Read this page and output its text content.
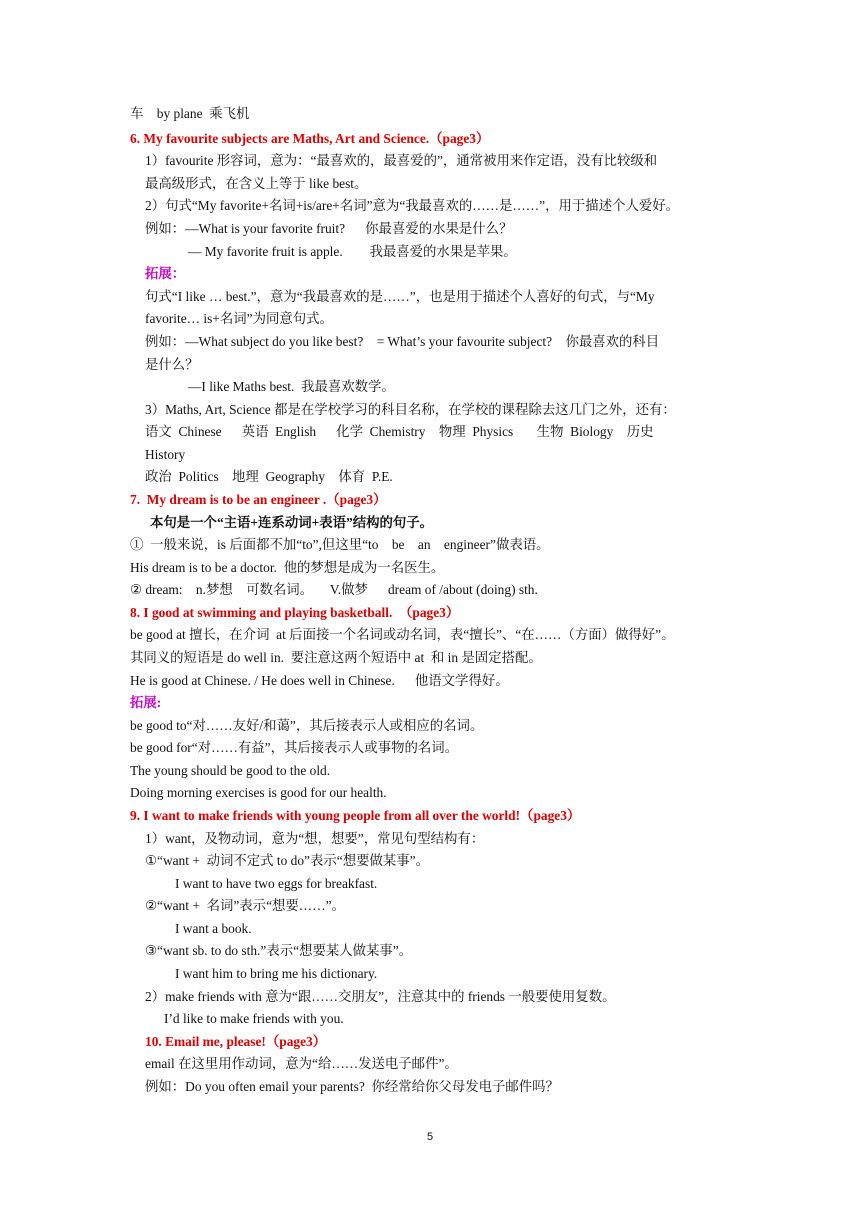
车    by plane  乘飞机
6. My favourite subjects are Maths, Art and Science.（page3）
1）favourite 形容词，意为：“最喜欢的，最喜爱的”，通常被用来作定语，没有比较级和
最高级形式，在含义上等于 like best。
2）句式“My favorite+名词+is/are+名词”意为“我最喜欢的……是……”，用于描述个人爱好。
例如：—What is your favorite fruit?      你最喜爱的水果是什么？
— My favorite fruit is apple.        我最喜爱的水果是苹果。
拓展：
句式“I like … best.”，意为“我最喜欢的是……”，也是用于描述个人喜好的句式，与“My
favorite… is+名词”为同意句式。
例如：—What subject do you like best?    = What’s your favourite subject?    你最喜欢的科目
是什么？
—I like Maths best.  我最喜欢数学。
3）Maths, Art, Science 都是在学校学习的科目名称，在学校的课程除去这几门之外，还有：
语文  Chinese      英语  English      化学  Chemistry    物理  Physics       生物  Biology    历史
History
政治  Politics    地理  Geography    体育  P.E.
7.  My dream is to be an engineer .（page3）
本句是一个“主语+连系动词+表语”结构的句子。
①  一般来说，is 后面都不加“to”,但这里“to    be    an    engineer”做表语。
His dream is to be a doctor.  他的梦想是成为一名医生。
② dream:    n.梦想    可数名词。     V.做梦      dream of /about (doing) sth.
8. I good at swimming and playing basketball.  （page3）
be good at 擅长，在介词  at 后面接一个名词或动名词，表“擅长”、“在……（方面）做得好”。
其同义的短语是 do well in.  要注意这两个短语中 at  和 in 是固定搭配。
He is good at Chinese. / He does well in Chinese.      他语文学得好。
拓展:
be good to“对……友好/和蔼”，其后接表示人或相应的名词。
be good for“对……有益”，其后接表示人或事物的名词。
The young should be good to the old.
Doing morning exercises is good for our health.
9. I want to make friends with young people from all over the world!（page3）
1）want，及物动词，意为“想，想要”，常见句型结构有：
①“want +  动词不定式 to do”表示“想要做某事”。
I want to have two eggs for breakfast.
②“want +  名词”表示“想要……”。
I want a book.
③“want sb. to do sth.”表示“想要某人做某事”。
I want him to bring me his dictionary.
2）make friends with 意为“跟……交朋友”，注意其中的 friends 一般要使用复数。
I’d like to make friends with you.
10. Email me, please!（page3）
email 在这里用作动词，意为“给……发送电子邮件”。
例如：Do you often email your parents?  你经常给你父母发电子邮件吗？
5
